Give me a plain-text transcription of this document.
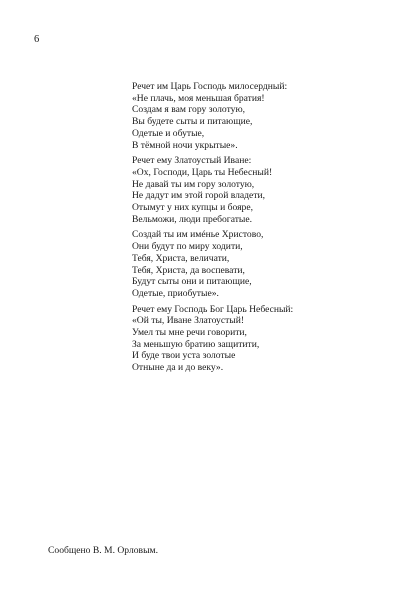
6
Речет им Царь Господь милосердный:
«Не плачь, моя меньшая братия!
Создам я вам гору золотую,
Вы будете сыты и питающие,
Одетые и обутые,
В тёмной ночи укрытые».
Речет ему Златоустый Иване:
«Ох, Господи, Царь ты Небесный!
Не давай ты им гору золотую,
Не дадут им этой горой владети,
Отымут у них купцы и бояре,
Вельможи, люди пребогатые.
Создай ты им имéнье Христово,
Они будут по миру ходити,
Тебя, Христа, величати,
Тебя, Христа, да воспевати,
Будут сыты они и питающие,
Одетые, приобутые».
Речет ему Господь Бог Царь Небесный:
«Ой ты, Иване Златоустый!
Умел ты мне речи говорити,
За меньшую братию защитити,
И буде твои уста золотые
Отныне да и до веку».
Сообщено В. М. Орловым.
